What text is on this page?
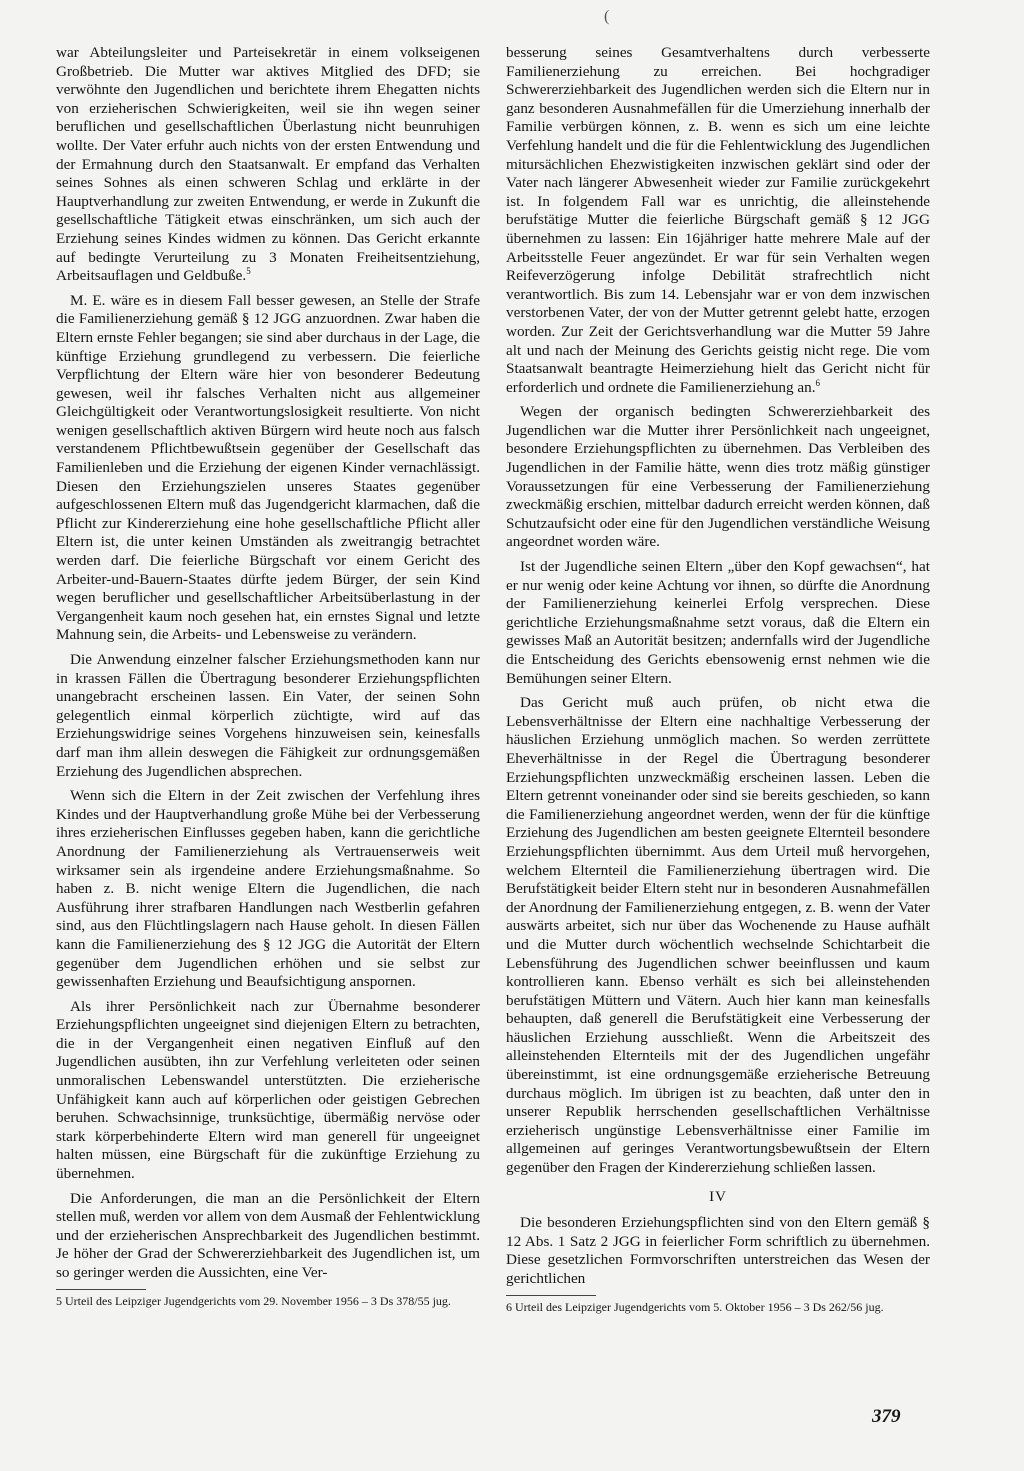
(

war Abteilungsleiter und Parteisekretär in einem volkseigenen Großbetrieb. Die Mutter war aktives Mitglied des DFD; sie verwöhnte den Jugendlichen und berichtete ihrem Ehegatten nichts von erzieherischen Schwierigkeiten, weil sie ihn wegen seiner beruflichen und gesellschaftlichen Überlastung nicht beunruhigen wollte. Der Vater erfuhr auch nichts von der ersten Entwendung und der Ermahnung durch den Staatsanwalt. Er empfand das Verhalten seines Sohnes als einen schweren Schlag und erklärte in der Hauptverhandlung zur zweiten Entwendung, er werde in Zukunft die gesellschaftliche Tätigkeit etwas einschränken, um sich auch der Erziehung seines Kindes widmen zu können. Das Gericht erkannte auf bedingte Verurteilung zu 3 Monaten Freiheitsentziehung, Arbeitsauflagen und Geldbuße.$^5$

M. E. wäre es in diesem Fall besser gewesen, an Stelle der Strafe die Familienerziehung gemäß § 12 JGG anzuordnen. Zwar haben die Eltern ernste Fehler begangen; sie sind aber durchaus in der Lage, die künftige Erziehung grundlegend zu verbessern. Die feierliche Verpflichtung der Eltern wäre hier von besonderer Bedeutung gewesen, weil ihr falsches Verhalten nicht aus allgemeiner Gleichgültigkeit oder Verantwortungslosigkeit resultierte. Von nicht wenigen gesellschaftlich aktiven Bürgern wird heute noch aus falsch verstandenem Pflichtbewußtsein gegenüber der Gesellschaft das Familienleben und die Erziehung der eigenen Kinder vernachlässigt. Diesen den Erziehungszielen unseres Staates gegenüber aufgeschlossenen Eltern muß das Jugendgericht klarmachen, daß die Pflicht zur Kindererziehung eine hohe gesellschaftliche Pflicht aller Eltern ist, die unter keinen Umständen als zweitrangig betrachtet werden darf. Die feierliche Bürgschaft vor einem Gericht des Arbeiter-und-Bauern-Staates dürfte jedem Bürger, der sein Kind wegen beruflicher und gesellschaftlicher Arbeitsüberlastung in der Vergangenheit kaum noch gesehen hat, ein ernstes Signal und letzte Mahnung sein, die Arbeits- und Lebensweise zu verändern.

Die Anwendung einzelner falscher Erziehungsmethoden kann nur in krassen Fällen die Übertragung besonderer Erziehungspflichten unangebracht erscheinen lassen. Ein Vater, der seinen Sohn gelegentlich einmal körperlich züchtigte, wird auf das Erziehungswidrige seines Vorgehens hinzuweisen sein, keinesfalls darf man ihm allein deswegen die Fähigkeit zur ordnungsgemäßen Erziehung des Jugendlichen absprechen.

Wenn sich die Eltern in der Zeit zwischen der Verfehlung ihres Kindes und der Hauptverhandlung große Mühe bei der Verbesserung ihres erzieherischen Einflusses gegeben haben, kann die gerichtliche Anordnung der Familienerziehung als Vertrauenserweis weit wirksamer sein als irgendeine andere Erziehungsmaßnahme. So haben z. B. nicht wenige Eltern die Jugendlichen, die nach Ausführung ihrer strafbaren Handlungen nach Westberlin gefahren sind, aus den Flüchtlingslagern nach Hause geholt. In diesen Fällen kann die Familienerziehung des § 12 JGG die Autorität der Eltern gegenüber dem Jugendlichen erhöhen und sie selbst zur gewissenhaften Erziehung und Beaufsichtigung anspornen.

Als ihrer Persönlichkeit nach zur Übernahme besonderer Erziehungspflichten ungeeignet sind diejenigen Eltern zu betrachten, die in der Vergangenheit einen negativen Einfluß auf den Jugendlichen ausübten, ihn zur Verfehlung verleiteten oder seinen unmoralischen Lebenswandel unterstützten. Die erzieherische Unfähigkeit kann auch auf körperlichen oder geistigen Gebrechen beruhen. Schwachsinnige, trunksüchtige, übermäßig nervöse oder stark körperbehinderte Eltern wird man generell für ungeeignet halten müssen, eine Bürgschaft für die zukünftige Erziehung zu übernehmen.

Die Anforderungen, die man an die Persönlichkeit der Eltern stellen muß, werden vor allem von dem Ausmaß der Fehlentwicklung und der erzieherischen Ansprechbarkeit des Jugendlichen bestimmt. Je höher der Grad der Schwererziehbarkeit des Jugendlichen ist, um so geringer werden die Aussichten, eine Ver-

5 Urteil des Leipziger Jugendgerichts vom 29. November 1956 – 3 Ds 378/55 jug.

besserung seines Gesamtverhaltens durch verbesserte Familienerziehung zu erreichen. Bei hochgradiger Schwererziehbarkeit des Jugendlichen werden sich die Eltern nur in ganz besonderen Ausnahmefällen für die Umerziehung innerhalb der Familie verbürgen können, z. B. wenn es sich um eine leichte Verfehlung handelt und die für die Fehlentwicklung des Jugendlichen mitursächlichen Ehezwistigkeiten inzwischen geklärt sind oder der Vater nach längerer Abwesenheit wieder zur Familie zurückgekehrt ist. In folgendem Fall war es unrichtig, die alleinstehende berufstätige Mutter die feierliche Bürgschaft gemäß § 12 JGG übernehmen zu lassen: Ein 16jähriger hatte mehrere Male auf der Arbeitsstelle Feuer angezündet. Er war für sein Verhalten wegen Reifeverzögerung infolge Debilität strafrechtlich nicht verantwortlich. Bis zum 14. Lebensjahr war er von dem inzwischen verstorbenen Vater, der von der Mutter getrennt gelebt hatte, erzogen worden. Zur Zeit der Gerichtsverhandlung war die Mutter 59 Jahre alt und nach der Meinung des Gerichts geistig nicht rege. Die vom Staatsanwalt beantragte Heimerziehung hielt das Gericht nicht für erforderlich und ordnete die Familienerziehung an.$^6$

Wegen der organisch bedingten Schwererziehbarkeit des Jugendlichen war die Mutter ihrer Persönlichkeit nach ungeeignet, besondere Erziehungspflichten zu übernehmen. Das Verbleiben des Jugendlichen in der Familie hätte, wenn dies trotz mäßig günstiger Voraussetzungen für eine Verbesserung der Familienerziehung zweckmäßig erschien, mittelbar dadurch erreicht werden können, daß Schutzaufsicht oder eine für den Jugendlichen verständliche Weisung angeordnet worden wäre.

Ist der Jugendliche seinen Eltern „über den Kopf gewachsen“, hat er nur wenig oder keine Achtung vor ihnen, so dürfte die Anordnung der Familienerziehung keinerlei Erfolg versprechen. Diese gerichtliche Erziehungsmaßnahme setzt voraus, daß die Eltern ein gewisses Maß an Autorität besitzen; andernfalls wird der Jugendliche die Entscheidung des Gerichts ebensowenig ernst nehmen wie die Bemühungen seiner Eltern.

Das Gericht muß auch prüfen, ob nicht etwa die Lebensverhältnisse der Eltern eine nachhaltige Verbesserung der häuslichen Erziehung unmöglich machen. So werden zerrüttete Eheverhältnisse in der Regel die Übertragung besonderer Erziehungspflichten unzweckmäßig erscheinen lassen. Leben die Eltern getrennt voneinander oder sind sie bereits geschieden, so kann die Familienerziehung angeordnet werden, wenn der für die künftige Erziehung des Jugendlichen am besten geeignete Elternteil besondere Erziehungspflichten übernimmt. Aus dem Urteil muß hervorgehen, welchem Elternteil die Familienerziehung übertragen wird. Die Berufstätigkeit beider Eltern steht nur in besonderen Ausnahmefällen der Anordnung der Familienerziehung entgegen, z. B. wenn der Vater auswärts arbeitet, sich nur über das Wochenende zu Hause aufhält und die Mutter durch wöchentlich wechselnde Schichtarbeit die Lebensführung des Jugendlichen schwer beeinflussen und kaum kontrollieren kann. Ebenso verhält es sich bei alleinstehenden berufstätigen Müttern und Vätern. Auch hier kann man keinesfalls behaupten, daß generell die Berufstätigkeit eine Verbesserung der häuslichen Erziehung ausschließt. Wenn die Arbeitszeit des alleinstehenden Elternteils mit der des Jugendlichen ungefähr übereinstimmt, ist eine ordnungsgemäße erzieherische Betreuung durchaus möglich. Im übrigen ist zu beachten, daß unter den in unserer Republik herrschenden gesellschaftlichen Verhältnisse erzieherisch ungünstige Lebensverhältnisse einer Familie im allgemeinen auf geringes Verantwortungsbewußtsein der Eltern gegenüber den Fragen der Kindererziehung schließen lassen.

IV

Die besonderen Erziehungspflichten sind von den Eltern gemäß § 12 Abs. 1 Satz 2 JGG in feierlicher Form schriftlich zu übernehmen. Diese gesetzlichen Formvorschriften unterstreichen das Wesen der gerichtlichen

6 Urteil des Leipziger Jugendgerichts vom 5. Oktober 1956 – 3 Ds 262/56 jug.

379
